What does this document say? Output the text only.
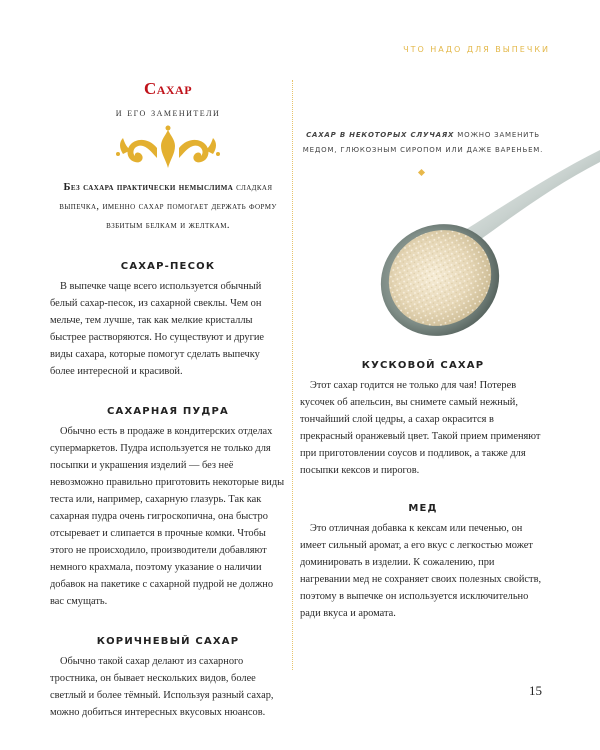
ЧТО НАДО ДЛЯ ВЫПЕЧКИ
Сахар
и его заменители
Без сахара практически немыслима сладкая выпечка, именно сахар помогает держать форму взбитым белкам и желткам.
САХАР-ПЕСОК

В выпечке чаще всего используется обычный белый сахар-песок, из сахарной свеклы. Чем он мельче, тем лучше, так как мелкие кристаллы быстрее растворяются. Но существуют и другие виды сахара, которые помогут сделать выпечку более интересной и красивой.

САХАРНАЯ ПУДРА

Обычно есть в продаже в кондитерских отделах супермаркетов. Пудра используется не только для посыпки и украшения изделий — без неё невозможно правильно приготовить некоторые виды теста или, например, сахарную глазурь. Так как сахарная пудра очень гигроскопична, она быстро отсыревает и слипается в прочные комки. Чтобы этого не происходило, производители добавляют немного крахмала, поэтому указание о наличии добавок на пакетике с сахарной пудрой не должно вас смущать.

КОРИЧНЕВЫЙ САХАР

Обычно такой сахар делают из сахарного тростника, он бывает нескольких видов, более светлый и более тёмный. Используя разный сахар, можно добиться интересных вкусовых нюансов.

САХАР В НЕКОТОРЫХ СЛУЧАЯХ МОЖНО ЗАМЕНИТЬ МЕДОМ, ГЛЮКОЗНЫМ СИРОПОМ ИЛИ ДАЖЕ ВАРЕНЬЕМ.
КУСКОВОЙ САХАР

Этот сахар годится не только для чая! Потерев кусочек об апельсин, вы снимете самый нежный, тончайший слой цедры, а сахар окрасится в прекрасный оранжевый цвет. Такой прием применяют при приготовлении соусов и подливок, а также для посыпки кексов и пирогов.

МЕД

Это отличная добавка к кексам или печенью, он имеет сильный аромат, а его вкус с легкостью может доминировать в изделии. К сожалению, при нагревании мед не сохраняет своих полезных свойств, поэтому в выпечке он используется исключительно ради вкуса и аромата.

15
